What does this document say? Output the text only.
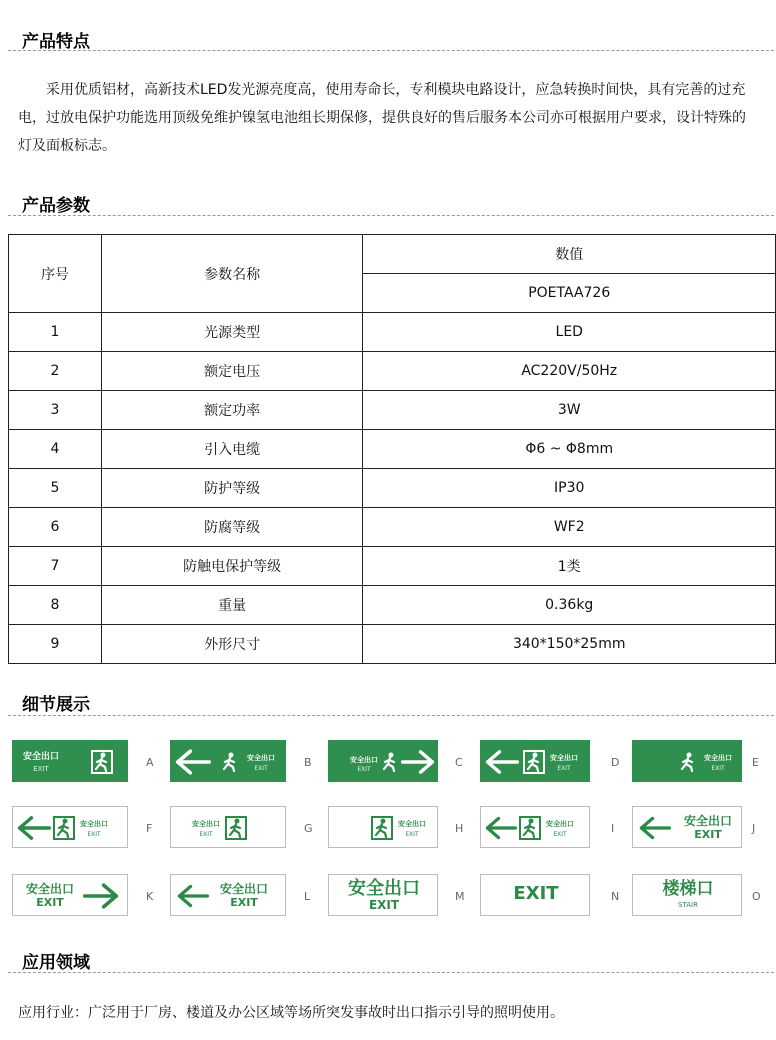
产品特点

采用优质铝材，高新技术LED发光源亮度高，使用寿命长，专利模块电路设计，应急转换时间快，具有完善的过充电，过放电保护功能选用顶级免维护镍氢电池组长期保修，提供良好的售后服务本公司亦可根据用户要求，设计特殊的灯及面板标志。

产品参数
序号	参数名称	数值
		POETAA726
1	光源类型	LED
2	额定电压	AC220V/50Hz
3	额定功率	3W
4	引入电缆	Φ6 ~ Φ8mm
5	防护等级	IP30
6	防腐等级	WF2
7	防触电保护等级	1类
8	重量	0.36kg
9	外形尺寸	340*150*25mm
细节展示
安全出口
EXIT	A	安全出口
EXIT	B	安全出口
EXIT
C	安全出口
EXIT	D	安全出口
EXIT	E
安全出口
EXIT	F	安全出口
EXIT	G	安全出口
EXIT	H	安全出口
EXIT	I
安全出口
EXIT	J
安全出口
EXIT	K
安全出口
EXIT	L	安全出口
EXIT
M	EXIT	N	楼梯口
STAIR
O
应用领域

应用行业：广泛用于厂房、楼道及办公区域等场所突发事故时出口指示引导的照明使用。
